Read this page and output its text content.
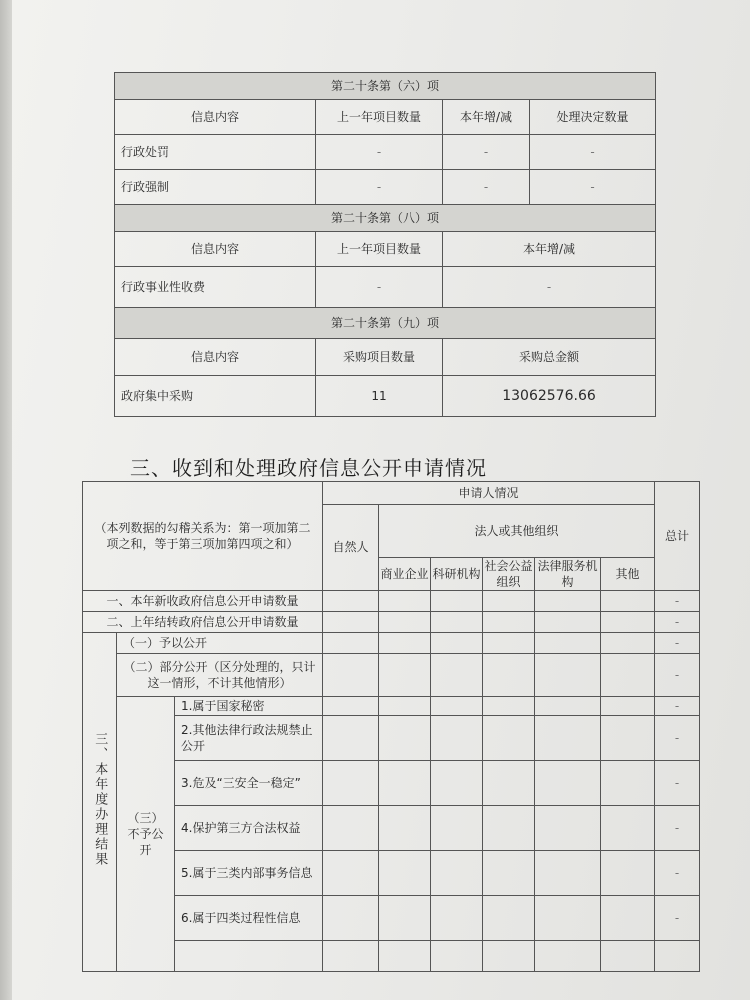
第二十条第（六）项			
信息内容	上一年项目数量	本年增/减	处理决定数量
行政处罚	-	-	-
行政强制	-	-	-
第二十条第（八）项			
信息内容	上一年项目数量	本年增/减	
行政事业性收费	-	-	
第二十条第（九）项			
信息内容	采购项目数量	采购总金额	
政府集中采购	11	13062576.66	
三、收到和处理政府信息公开申请情况
（本列数据的勾稽关系为：第一项加第二项之和，等于第三项加第四项之和）			申请人情况						总计
			自然人	法人或其他组织					
				商业企业	科研机构	社会公益组织	法律服务机构	其他	
一、本年新收政府信息公开申请数量									-
二、上年结转政府信息公开申请数量									-
三、本年度办理结果	（一）予以公开								-
	（二）部分公开（区分处理的，只计这一情形，不计其他情形）								-
	（三）不予公开	1.属于国家秘密							-
		2.其他法律行政法规禁止公开							-
		3.危及“三安全一稳定”							-
		4.保护第三方合法权益							-
		5.属于三类内部事务信息							-
		6.属于四类过程性信息							-
